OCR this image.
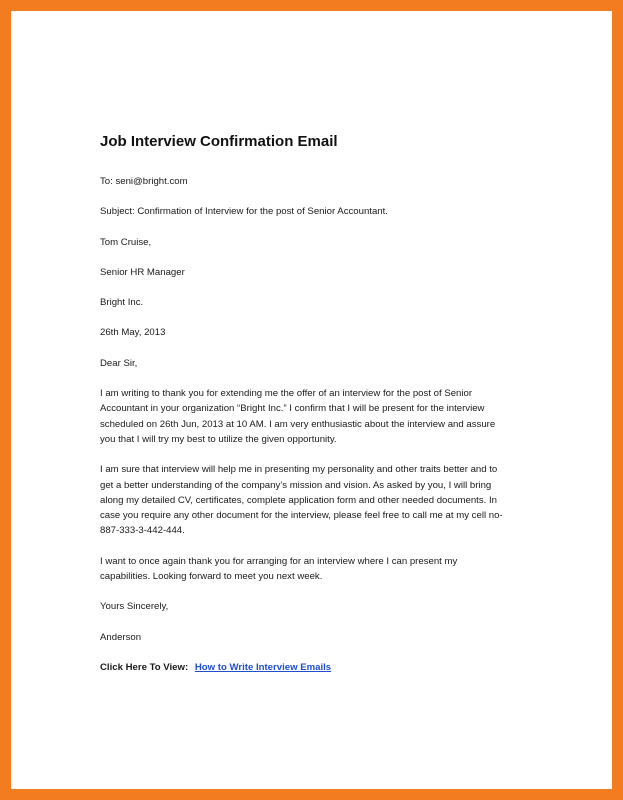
Job Interview Confirmation Email
To: seni@bright.com
Subject: Confirmation of Interview for the post of Senior Accountant.
Tom Cruise,
Senior HR Manager
Bright Inc.
26th May, 2013
Dear Sir,
I am writing to thank you for extending me the offer of an interview for the post of Senior
Accountant in your organization “Bright Inc.” I confirm that I will be present for the interview
scheduled on 26th Jun, 2013 at 10 AM. I am very enthusiastic about the interview and assure
you that I will try my best to utilize the given opportunity.
I am sure that interview will help me in presenting my personality and other traits better and to
get a better understanding of the company’s mission and vision. As asked by you, I will bring
along my detailed CV, certificates, complete application form and other needed documents. In
case you require any other document for the interview, please feel free to call me at my cell no-
887-333-3-442-444.
I want to once again thank you for arranging for an interview where I can present my
capabilities. Looking forward to meet you next week.
Yours Sincerely,
Anderson
Click Here To View: How to Write Interview Emails
